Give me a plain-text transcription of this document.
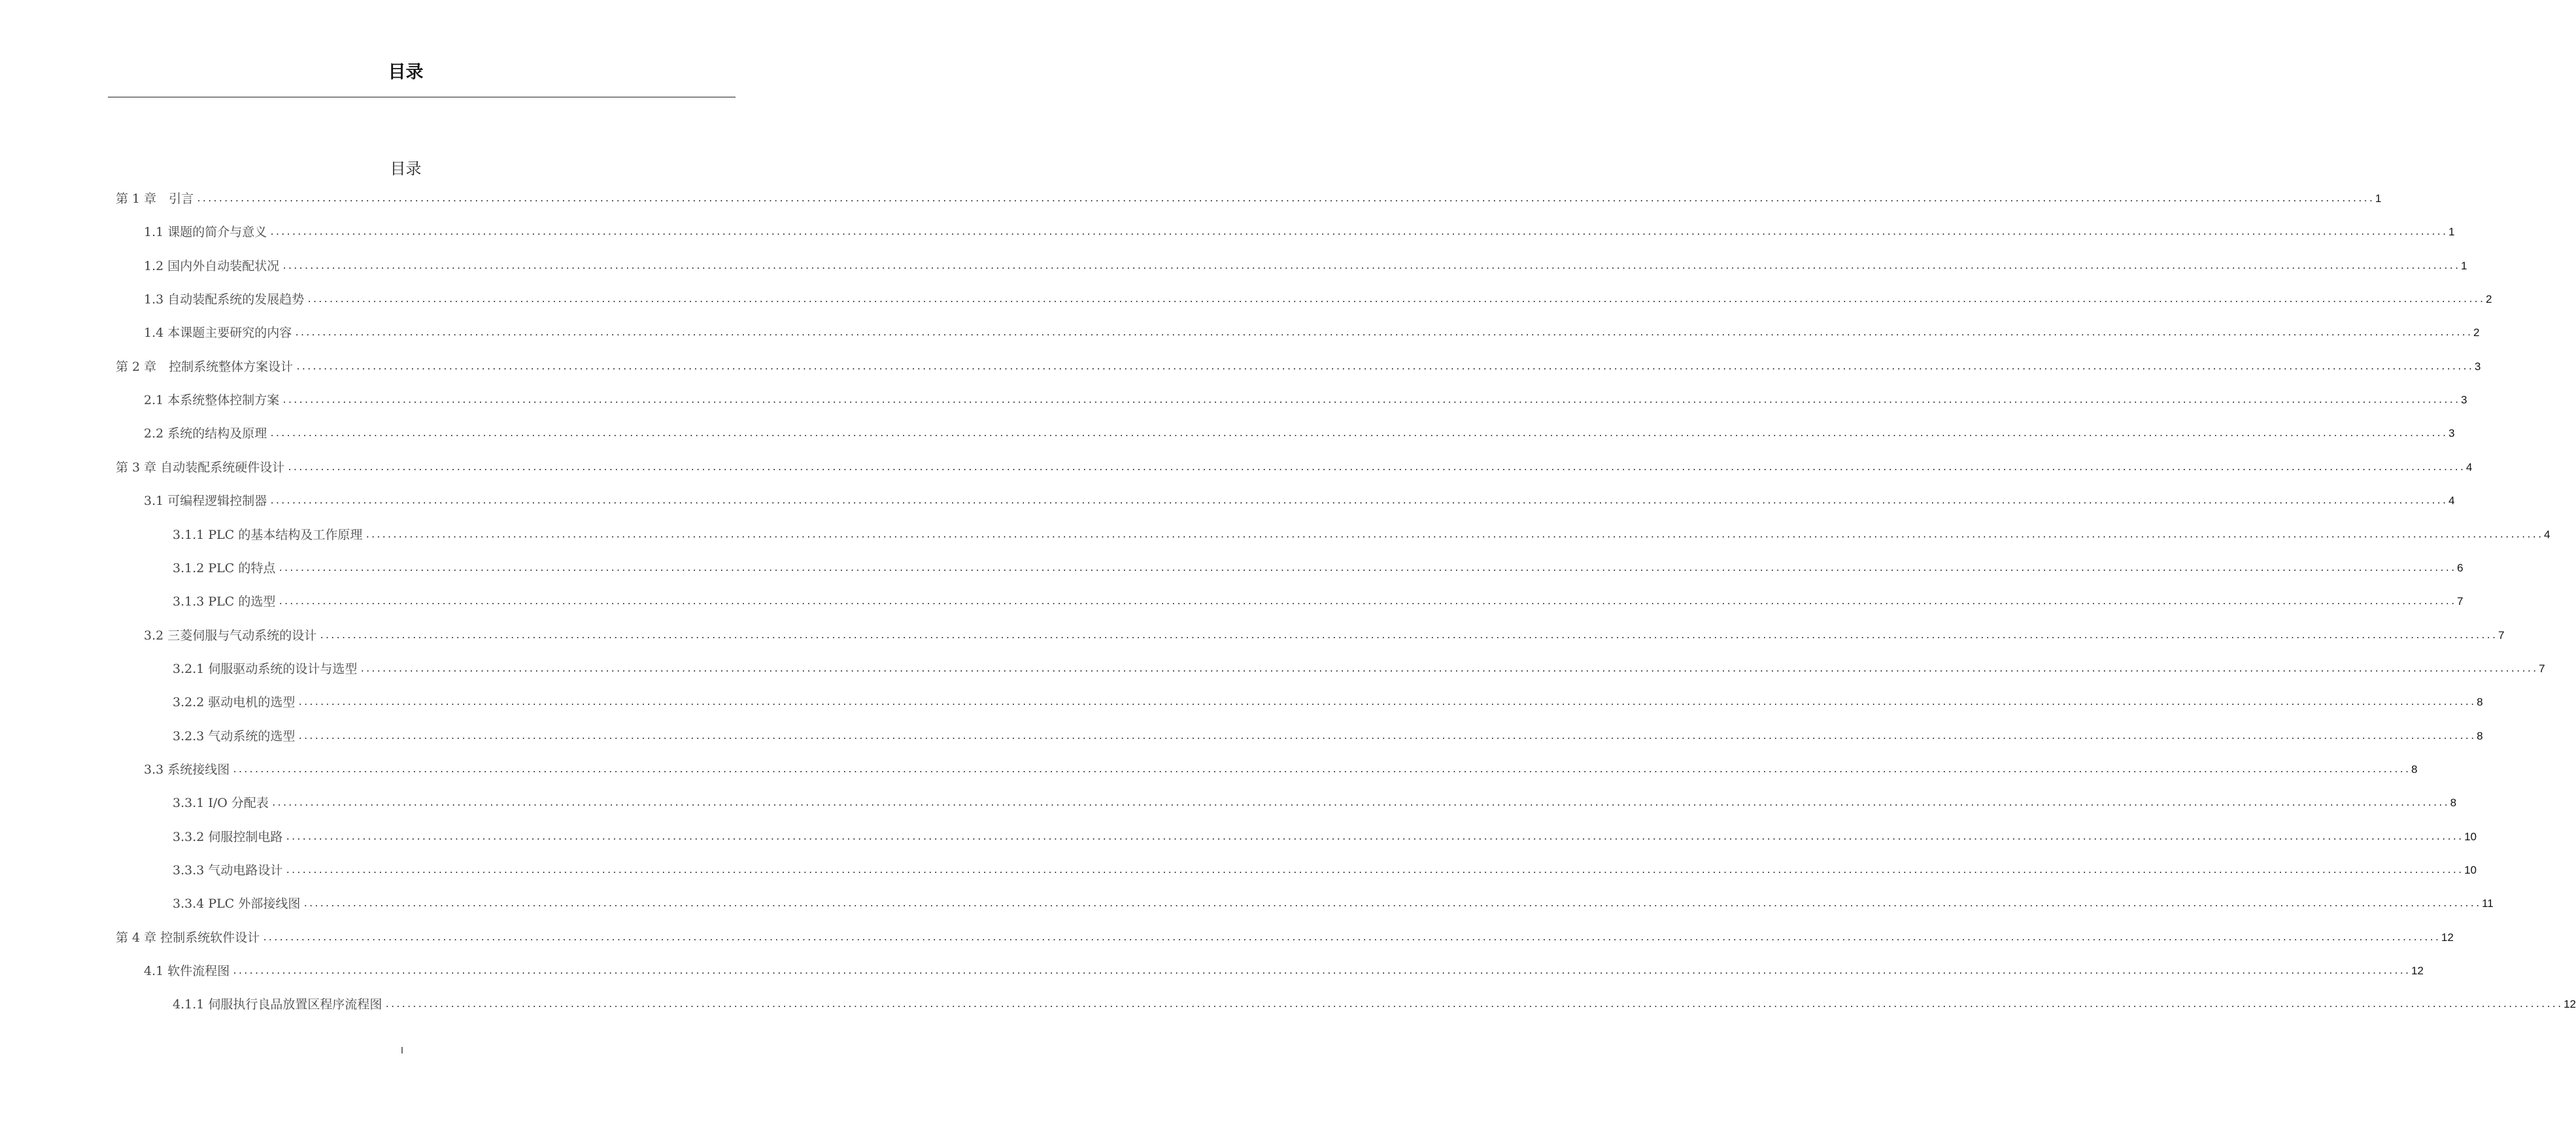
目录
目录
第 1 章　引言 ................................................................................................................................................................................................................................................................................................................................................................................................................ 1
1.1 课题的简介与意义 ................................................................................................................................................................................................................................................................................................................................................................................................................ 1
1.2 国内外自动装配状况 ................................................................................................................................................................................................................................................................................................................................................................................................................ 1
1.3 自动装配系统的发展趋势 ................................................................................................................................................................................................................................................................................................................................................................................................................ 2
1.4 本课题主要研究的内容 ................................................................................................................................................................................................................................................................................................................................................................................................................ 2
第 2 章　控制系统整体方案设计 ................................................................................................................................................................................................................................................................................................................................................................................................................ 3
2.1 本系统整体控制方案 ................................................................................................................................................................................................................................................................................................................................................................................................................ 3
2.2 系统的结构及原理 ................................................................................................................................................................................................................................................................................................................................................................................................................ 3
第 3 章 自动装配系统硬件设计 ................................................................................................................................................................................................................................................................................................................................................................................................................ 4
3.1 可编程逻辑控制器 ................................................................................................................................................................................................................................................................................................................................................................................................................ 4
3.1.1 PLC 的基本结构及工作原理 ................................................................................................................................................................................................................................................................................................................................................................................................................ 4
3.1.2 PLC 的特点 ................................................................................................................................................................................................................................................................................................................................................................................................................ 6
3.1.3 PLC 的选型 ................................................................................................................................................................................................................................................................................................................................................................................................................ 7
3.2 三菱伺服与气动系统的设计 ................................................................................................................................................................................................................................................................................................................................................................................................................ 7
3.2.1 伺服驱动系统的设计与选型 ................................................................................................................................................................................................................................................................................................................................................................................................................ 7
3.2.2 驱动电机的选型 ................................................................................................................................................................................................................................................................................................................................................................................................................ 8
3.2.3 气动系统的选型 ................................................................................................................................................................................................................................................................................................................................................................................................................ 8
3.3 系统接线图 ................................................................................................................................................................................................................................................................................................................................................................................................................ 8
3.3.1 I/O 分配表 ................................................................................................................................................................................................................................................................................................................................................................................................................ 8
3.3.2 伺服控制电路 ................................................................................................................................................................................................................................................................................................................................................................................................................ 10
3.3.3 气动电路设计 ................................................................................................................................................................................................................................................................................................................................................................................................................ 10
3.3.4 PLC 外部接线图 ................................................................................................................................................................................................................................................................................................................................................................................................................ 11
第 4 章 控制系统软件设计 ................................................................................................................................................................................................................................................................................................................................................................................................................ 12
4.1 软件流程图 ................................................................................................................................................................................................................................................................................................................................................................................................................ 12
4.1.1 伺服执行良品放置区程序流程图 ................................................................................................................................................................................................................................................................................................................................................................................................................ 12
I
